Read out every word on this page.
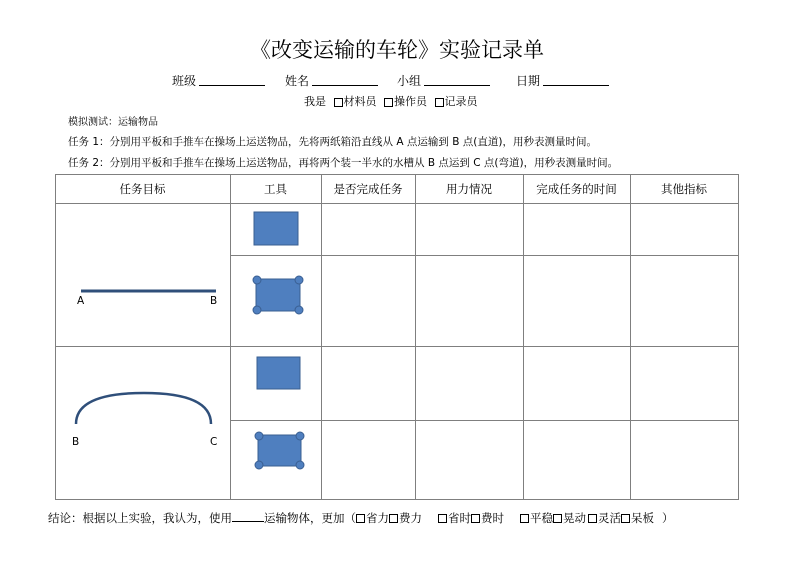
《改变运输的车轮》实验记录单
班级	姓名	小组	日期
我是 材料员 操作员 记录员
模拟测试：运输物品
任务 1：分别用平板和手推车在操场上运送物品，先将两纸箱沿直线从 A 点运输到 B 点(直道)，用秒表测量时间。
任务 2：分别用平板和手推车在操场上运送物品，再将两个装一半水的水槽从 B 点运到 C 点(弯道)，用秒表测量时间。
任务目标	工具	是否完成任务	用力情况	完成任务的时间	其他指标
A	B
B	C
结论：根据以上实验，我认为，使用	运输物体，更加（ 省力 费力 省时 费时 平稳 晃动 灵活 呆板 ）
